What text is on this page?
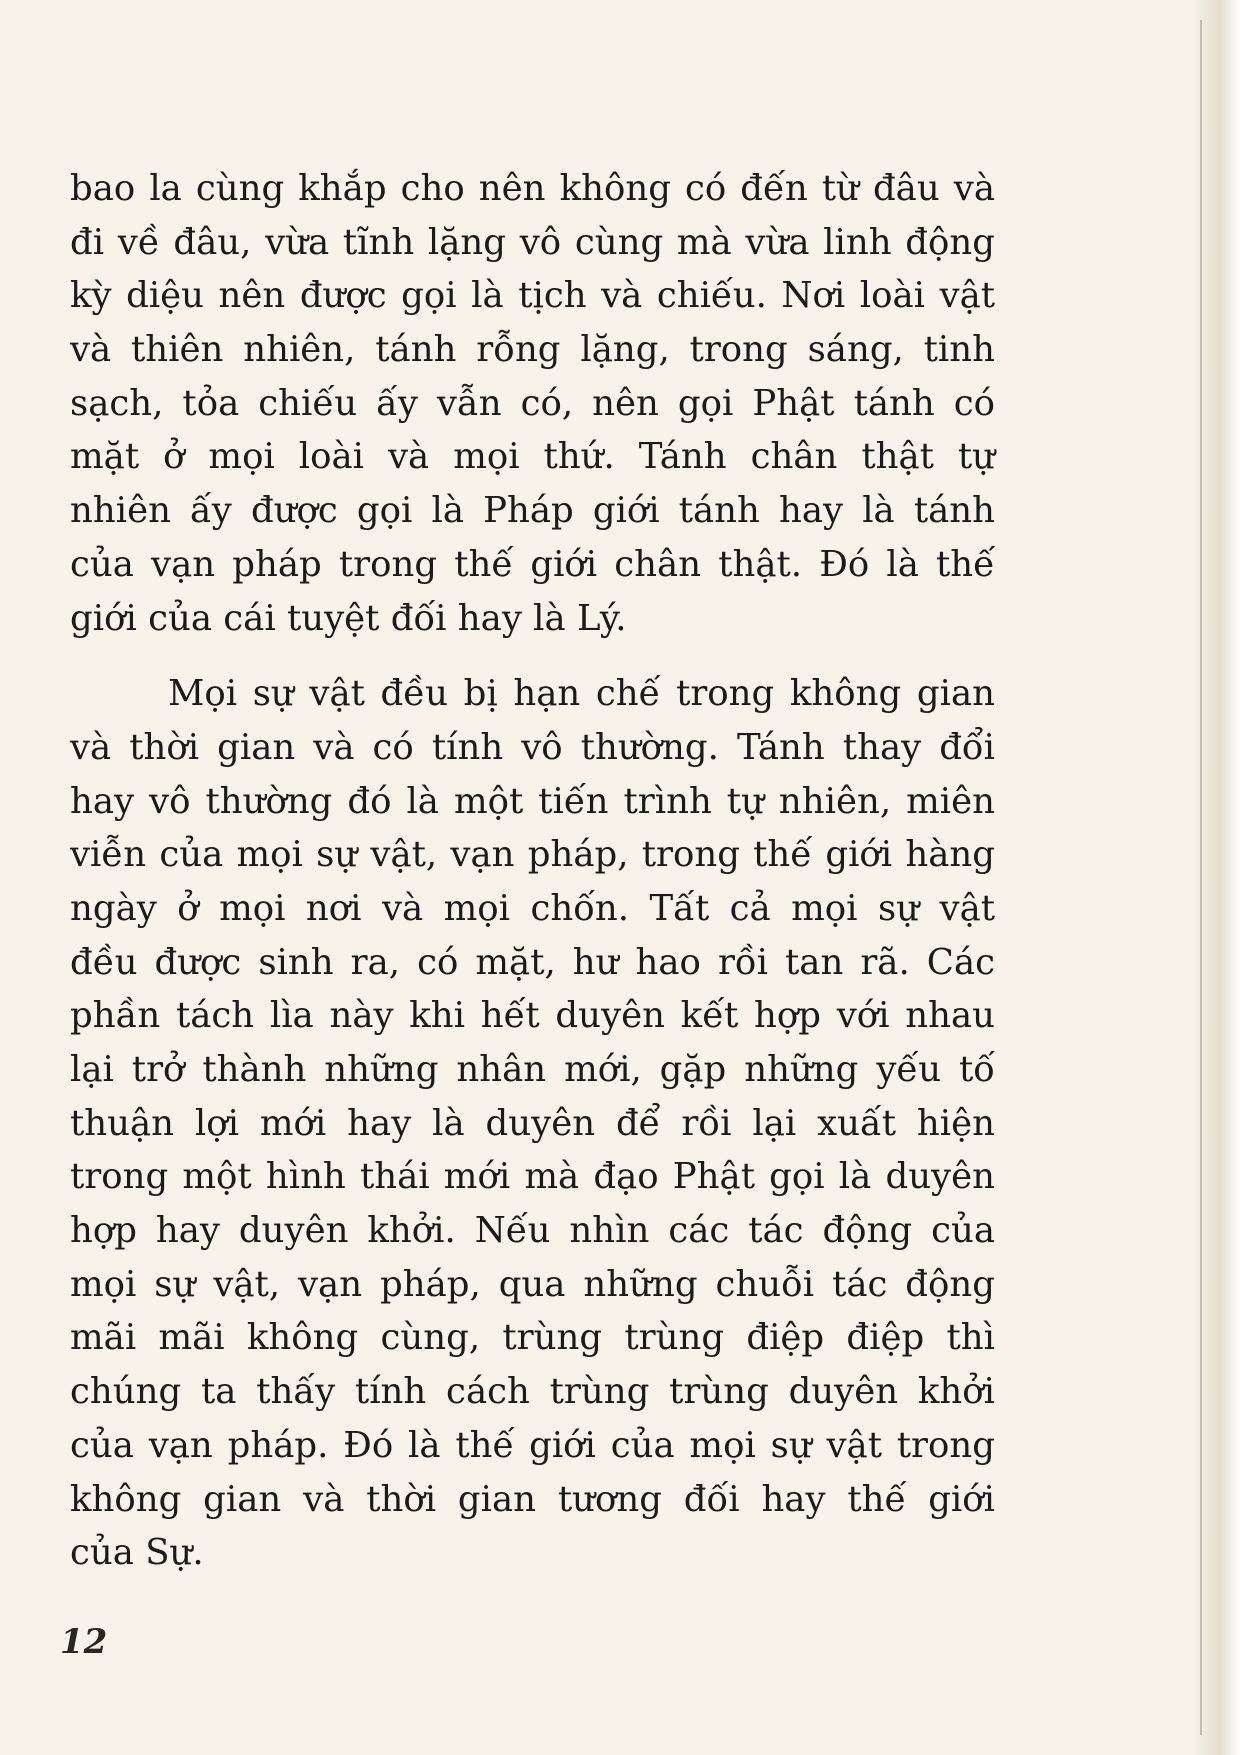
bao la cùng khắp cho nên không có đến từ đâu và
đi về đâu, vừa tĩnh lặng vô cùng mà vừa linh động
kỳ diệu nên được gọi là tịch và chiếu. Nơi loài vật
và thiên nhiên, tánh rỗng lặng, trong sáng, tinh
sạch, tỏa chiếu ấy vẫn có, nên gọi Phật tánh có
mặt ở mọi loài và mọi thứ. Tánh chân thật tự
nhiên ấy được gọi là Pháp giới tánh hay là tánh
của vạn pháp trong thế giới chân thật. Đó là thế
giới của cái tuyệt đối hay là Lý.
Mọi sự vật đều bị hạn chế trong không gian
và thời gian và có tính vô thường. Tánh thay đổi
hay vô thường đó là một tiến trình tự nhiên, miên
viễn của mọi sự vật, vạn pháp, trong thế giới hàng
ngày ở mọi nơi và mọi chốn. Tất cả mọi sự vật
đều được sinh ra, có mặt, hư hao rồi tan rã. Các
phần tách lìa này khi hết duyên kết hợp với nhau
lại trở thành những nhân mới, gặp những yếu tố
thuận lợi mới hay là duyên để rồi lại xuất hiện
trong một hình thái mới mà đạo Phật gọi là duyên
hợp hay duyên khởi. Nếu nhìn các tác động của
mọi sự vật, vạn pháp, qua những chuỗi tác động
mãi mãi không cùng, trùng trùng điệp điệp thì
chúng ta thấy tính cách trùng trùng duyên khởi
của vạn pháp. Đó là thế giới của mọi sự vật trong
không gian và thời gian tương đối hay thế giới
của Sự.
12
